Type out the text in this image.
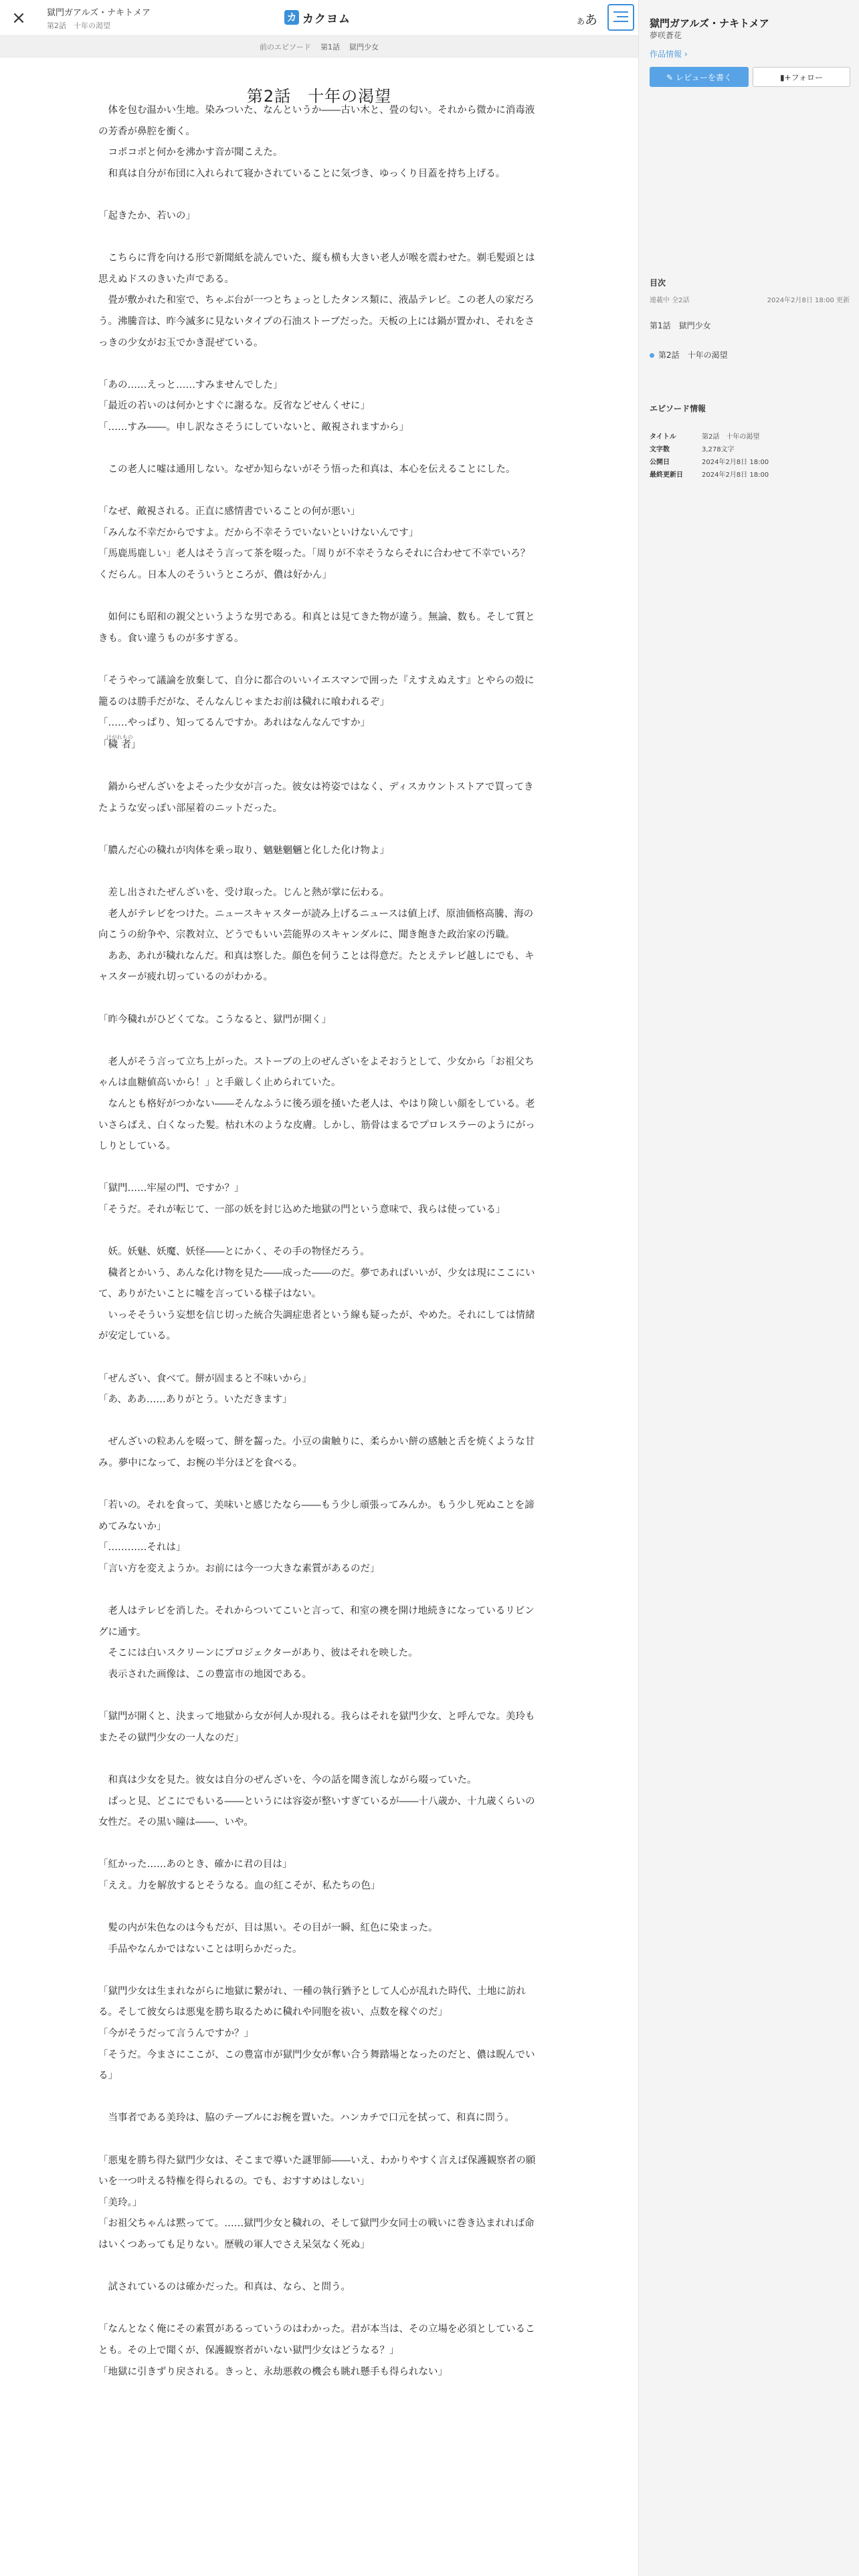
×	獄門ガアルズ・ナキトメア
第2話　十年の渇望
カ カクヨム	ああ
前のエピソード 第1話 獄門少女
第2話　十年の渇望

　体を包む温かい生地。染みついた、なんというか――古い木と、畳の匂い。それから微かに消毒液の芳香が鼻腔を衝く。

　コポコポと何かを沸かす音が聞こえた。

　和真は自分が布団に入れられて寝かされていることに気づき、ゆっくり目蓋を持ち上げる。

「起きたか、若いの」

　こちらに背を向ける形で新聞紙を読んでいた、縦も横も大きい老人が喉を震わせた。剃毛髪頭とは思えぬドスのきいた声である。

　畳が敷かれた和室で、ちゃぶ台が一つとちょっとしたタンス類に、液晶テレビ。この老人の家だろう。沸騰音は、昨今滅多に見ないタイプの石油ストーブだった。天板の上には鍋が置かれ、それをさっきの少女がお玉でかき混ぜている。

「あの……えっと……すみませんでした」

「最近の若いのは何かとすぐに謝るな。反省などせんくせに」

「……すみ――。申し訳なさそうにしていないと、敵視されますから」

　この老人に嘘は通用しない。なぜか知らないがそう悟った和真は、本心を伝えることにした。

「なぜ、敵視される。正直に感情書でいることの何が悪い」

「みんな不幸だからですよ。だから不幸そうでいないといけないんです」

「馬鹿馬鹿しい」老人はそう言って茶を啜った。「周りが不幸そうならそれに合わせて不幸でいろ？　くだらん。日本人のそういうところが、儂は好かん」

　如何にも昭和の親父というような男である。和真とは見てきた物が違う。無論、数も。そして質ときも。食い違うものが多すぎる。

「そうやって議論を放棄して、自分に都合のいいイエスマンで囲った『えすえぬえす』とやらの殻に籠るのは勝手だがな、そんなんじゃまたお前は穢れに喰われるぞ」

「……やっぱり、知ってるんですか。あれはなんなんですか」

「穢者けがれもの」

　鍋からぜんざいをよそった少女が言った。彼女は袴姿ではなく、ディスカウントストアで買ってきたような安っぽい部屋着のニットだった。

「膿んだ心の穢れが肉体を乗っ取り、魑魅魍魎と化した化け物よ」

　差し出されたぜんざいを、受け取った。じんと熱が掌に伝わる。

　老人がテレビをつけた。ニュースキャスターが読み上げるニュースは値上げ、原油価格高騰、海の向こうの紛争や、宗教対立、どうでもいい芸能界のスキャンダルに、聞き飽きた政治家の汚職。

　ああ、あれが穢れなんだ。和真は察した。顔色を伺うことは得意だ。たとえテレビ越しにでも、キャスターが疲れ切っているのがわかる。

「昨今穢れがひどくてな。こうなると、獄門が開く」

　老人がそう言って立ち上がった。ストーブの上のぜんざいをよそおうとして、少女から「お祖父ちゃんは血糖値高いから！」と手厳しく止められていた。

　なんとも格好がつかない――そんなふうに後ろ頭を掻いた老人は、やはり険しい顔をしている。老いさらばえ、白くなった髪。枯れ木のような皮膚。しかし、筋骨はまるでプロレスラーのようにがっしりとしている。

「獄門……牢屋の門、ですか？」

「そうだ。それが転じて、一部の妖を封じ込めた地獄の門という意味で、我らは使っている」

　妖。妖魅、妖魔、妖怪――とにかく、その手の物怪だろう。

　穢者とかいう、あんな化け物を見た――成った――のだ。夢であればいいが、少女は現にここにいて、ありがたいことに嘘を言っている様子はない。

　いっそそういう妄想を信じ切った統合失調症患者という線も疑ったが、やめた。それにしては情緒が安定している。

「ぜんざい、食べて。餅が固まると不味いから」

「あ、ああ……ありがとう。いただきます」

　ぜんざいの粒あんを啜って、餅を齧った。小豆の歯触りに、柔らかい餅の感触と舌を焼くような甘み。夢中になって、お椀の半分ほどを食べる。

「若いの。それを食って、美味いと感じたなら――もう少し頑張ってみんか。もう少し死ぬことを諦めてみないか」

「…………それは」

「言い方を変えようか。お前には今一つ大きな素質があるのだ」

　老人はテレビを消した。それからついてこいと言って、和室の襖を開け地続きになっているリビングに通す。

　そこには白いスクリーンにプロジェクターがあり、彼はそれを映した。

　表示された画像は、この豊富市の地図である。

「獄門が開くと、決まって地獄から女が何人か現れる。我らはそれを獄門少女、と呼んでな。美玲もまたその獄門少女の一人なのだ」

　和真は少女を見た。彼女は自分のぜんざいを、今の話を聞き流しながら啜っていた。

　ぱっと見、どこにでもいる――というには容姿が整いすぎているが――十八歳か、十九歳くらいの女性だ。その黒い瞳は――、いや。

「紅かった……あのとき、確かに君の目は」

「ええ。力を解放するとそうなる。血の紅こそが、私たちの色」

　髪の内が朱色なのは今もだが、目は黒い。その目が一瞬、紅色に染まった。

　手品やなんかではないことは明らかだった。

「獄門少女は生まれながらに地獄に繋がれ、一種の執行猶予として人心が乱れた時代、土地に訪れる。そして彼女らは悪鬼を勝ち取るために穢れや同胞を祓い、点数を稼ぐのだ」

「今がそうだって言うんですか？」

「そうだ。今まさにここが、この豊富市が獄門少女が奪い合う舞踏場となったのだと、儂は睨んでいる」

　当事者である美玲は、脇のテーブルにお椀を置いた。ハンカチで口元を拭って、和真に問う。

「悪鬼を勝ち得た獄門少女は、そこまで導いた謎罪師――いえ、わかりやすく言えば保護観察者の願いを一つ叶える特権を得られるの。でも、おすすめはしない」

「美玲。」

「お祖父ちゃんは黙ってて。……獄門少女と穢れの、そして獄門少女同士の戦いに巻き込まれれば命はいくつあっても足りない。歴戦の軍人でさえ呆気なく死ぬ」

　試されているのは確かだった。和真は、なら、と問う。

「なんとなく俺にその素質があるっていうのはわかった。君が本当は、その立場を必須としていることも。その上で聞くが、保護観察者がいない獄門少女はどうなる？」

「地獄に引きずり戻される。きっと、永劫悪救の機会も眺れ懸手も得られない」

獄門ガアルズ・ナキトメア
夢咲蒼花
作品情報 ›
✎ レビューを書く	▮+フォロー
目次
連載中 全2話	2024年2月8日 18:00 更新
第1話　獄門少女
第2話　十年の渇望
エピソード情報
タイトル	第2話　十年の渇望
文字数	3,278文字
公開日	2024年2月8日 18:00
最終更新日	2024年2月8日 18:00
